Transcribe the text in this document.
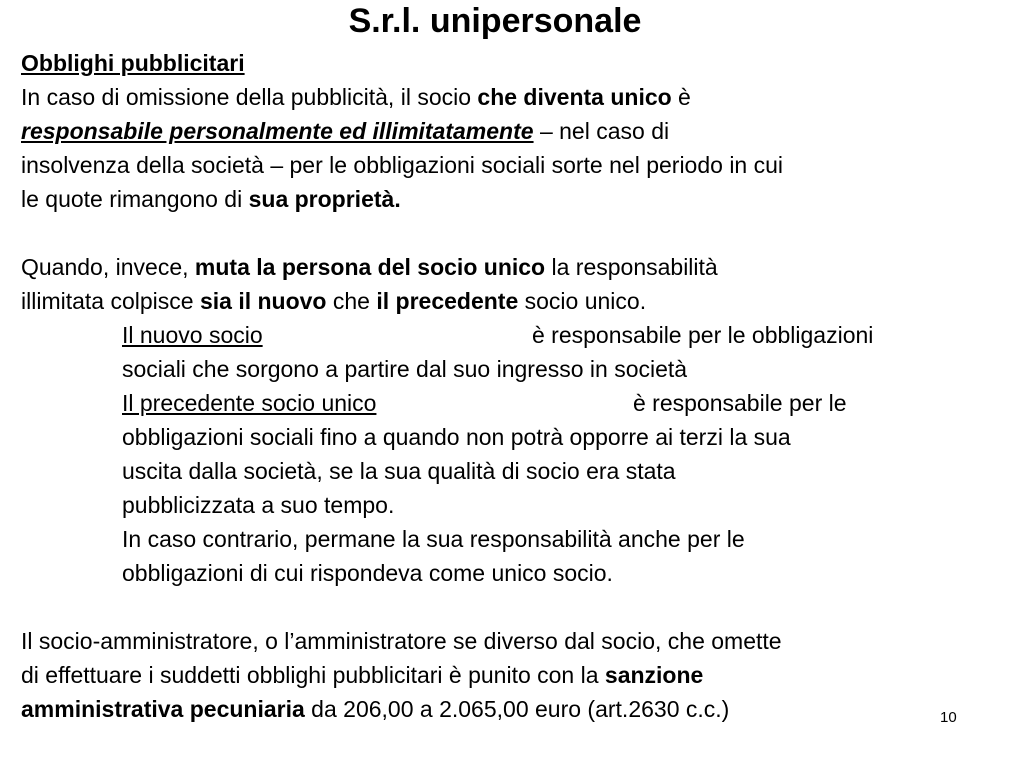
S.r.l. unipersonale
Obblighi pubblicitari
In caso di omissione della pubblicità, il socio che diventa unico è
responsabile personalmente ed illimitatamente – nel caso di
insolvenza della società – per le obbligazioni sociali sorte nel periodo in cui
le quote rimangono di sua proprietà.
Quando, invece, muta la persona del socio unico la responsabilità
illimitata colpisce sia il nuovo che il precedente socio unico.
Il nuovo socio	è responsabile per le obbligazioni
sociali che sorgono a partire dal suo ingresso in società
Il precedente socio unico	è responsabile per le
obbligazioni sociali fino a quando non potrà opporre ai terzi la sua
uscita dalla società, se la sua qualità di socio era stata
pubblicizzata a suo tempo.
In caso contrario, permane la sua responsabilità anche per le
obbligazioni di cui rispondeva come unico socio.
Il socio-amministratore, o l’amministratore se diverso dal socio, che omette
di effettuare i suddetti obblighi pubblicitari è punito con la sanzione
amministrativa pecuniaria da 206,00 a 2.065,00 euro (art.2630 c.c.)	10
